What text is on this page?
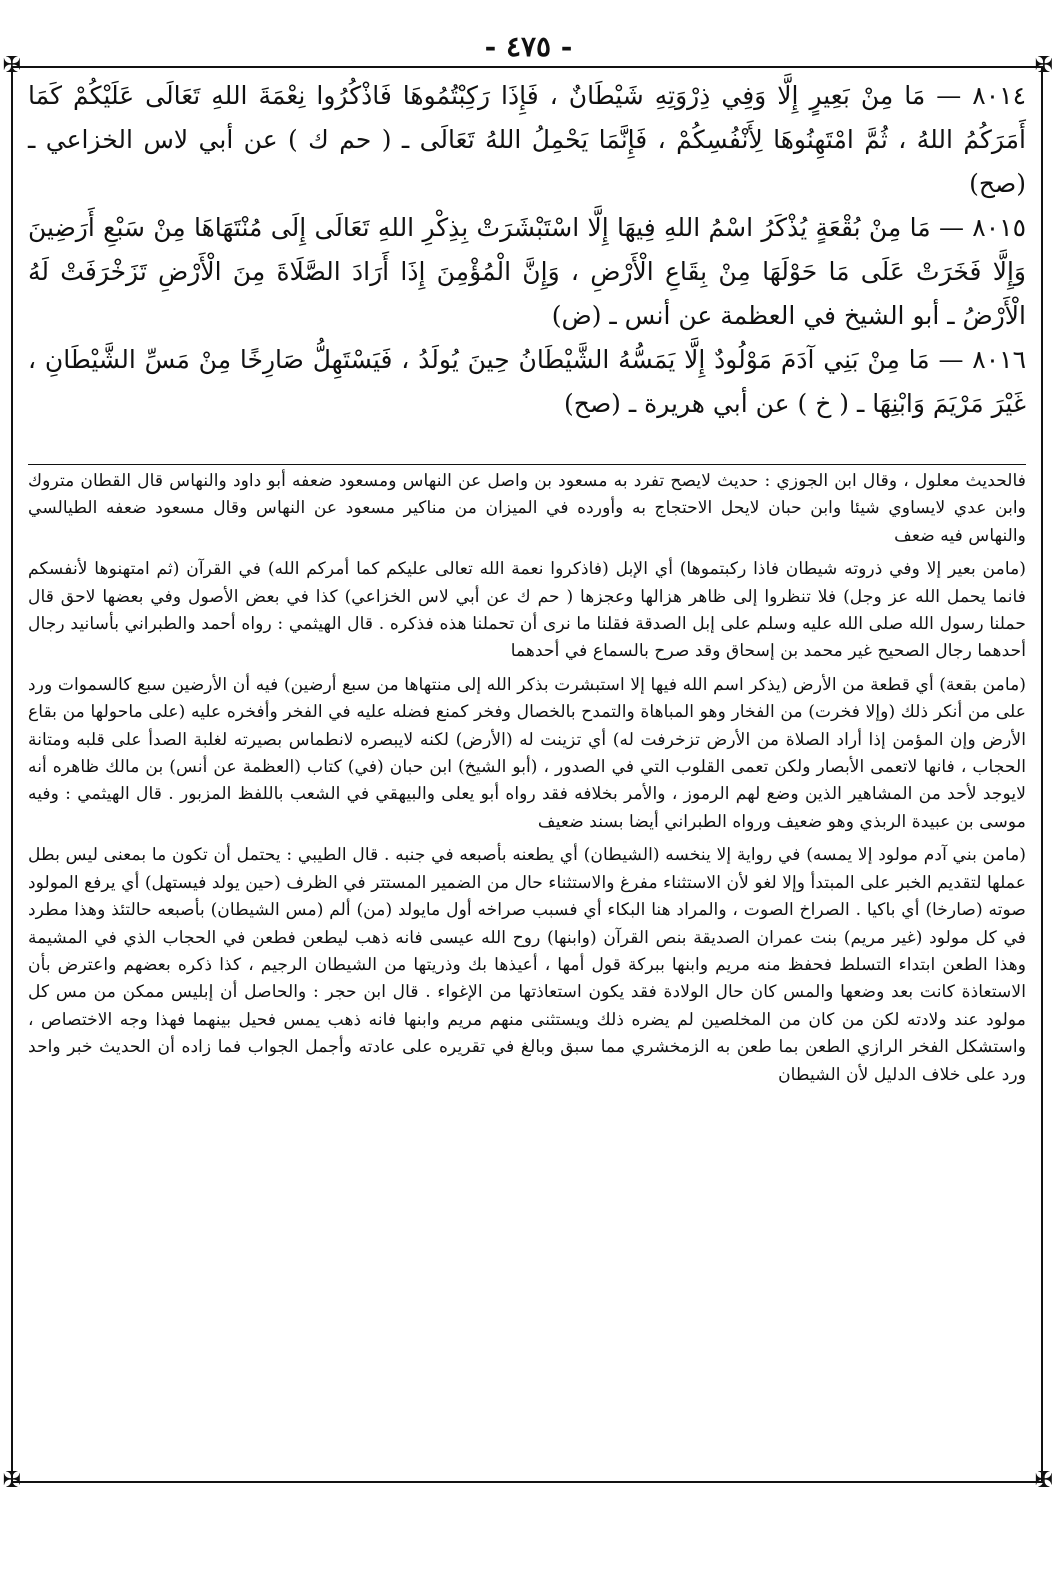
- ٤٧٥ -
✠	✠
✠	✠

٨٠١٤ — مَا مِنْ بَعِيرٍ إِلَّا وَفِي ذِرْوَتِهِ شَيْطَانٌ ، فَإِذَا رَكِبْتُمُوهَا فَاذْكُرُوا نِعْمَةَ اللهِ تَعَالَى عَلَيْكُمْ كَمَا أَمَرَكُمُ اللهُ ، ثُمَّ امْتَهِنُوهَا لِأَنْفُسِكُمْ ، فَإِنَّمَا يَحْمِلُ اللهُ تَعَالَى ـ ( حم ك ) عن أبي لاس الخزاعي ـ (صح)

٨٠١٥ — مَا مِنْ بُقْعَةٍ يُذْكَرُ اسْمُ اللهِ فِيهَا إِلَّا اسْتَبْشَرَتْ بِذِكْرِ اللهِ تَعَالَى إِلَى مُنْتَهَاهَا مِنْ سَبْعِ أَرَضِينَ وَإِلَّا فَخَرَتْ عَلَى مَا حَوْلَهَا مِنْ بِقَاعِ الْأَرْضِ ، وَإِنَّ الْمُؤْمِنَ إِذَا أَرَادَ الصَّلَاةَ مِنَ الْأَرْضِ تَزَخْرَفَتْ لَهُ الْأَرْضُ ـ أبو الشيخ في العظمة عن أنس ـ (ض)

٨٠١٦ — مَا مِنْ بَنِي آدَمَ مَوْلُودٌ إِلَّا يَمَسُّهُ الشَّيْطَانُ حِينَ يُولَدُ ، فَيَسْتَهِلُّ صَارِخًا مِنْ مَسِّ الشَّيْطَانِ ، غَيْرَ مَرْيَمَ وَابْنِهَا ـ ( خ ) عن أبي هريرة ـ (صح)

فالحديث معلول ، وقال ابن الجوزي : حديث لايصح تفرد به مسعود بن واصل عن النهاس ومسعود ضعفه أبو داود والنهاس قال القطان متروك وابن عدي لايساوي شيئا وابن حبان لايحل الاحتجاج به وأورده في الميزان من مناكير مسعود عن النهاس وقال مسعود ضعفه الطيالسي والنهاس فيه ضعف

(مامن بعير إلا وفي ذروته شيطان فاذا ركبتموها) أي الإبل (فاذكروا نعمة الله تعالى عليكم كما أمركم الله) في القرآن (ثم امتهنوها لأنفسكم فانما يحمل الله عز وجل) فلا تنظروا إلى ظاهر هزالها وعجزها ( حم ك عن أبي لاس الخزاعي) كذا في بعض الأصول وفي بعضها لاحق قال حملنا رسول الله صلى الله عليه وسلم على إبل الصدقة فقلنا ما نرى أن تحملنا هذه فذكره . قال الهيثمي : رواه أحمد والطبراني بأسانيد رجال أحدهما رجال الصحيح غير محمد بن إسحاق وقد صرح بالسماع في أحدهما

(مامن بقعة) أي قطعة من الأرض (يذكر اسم الله فيها إلا استبشرت بذكر الله إلى منتهاها من سبع أرضين) فيه أن الأرضين سبع كالسموات ورد على من أنكر ذلك (وإلا فخرت) من الفخار وهو المباهاة والتمدح بالخصال وفخر كمنع فضله عليه في الفخر وأفخره عليه (على ماحولها من بقاع الأرض وإن المؤمن إذا أراد الصلاة من الأرض تزخرفت له) أي تزينت له (الأرض) لكنه لايبصره لانطماس بصيرته لغلبة الصدأ على قلبه ومتانة الحجاب ، فانها لاتعمى الأبصار ولكن تعمى القلوب التي في الصدور ، (أبو الشيخ) ابن حبان (في) كتاب (العظمة عن أنس) بن مالك ظاهره أنه لايوجد لأحد من المشاهير الذين وضع لهم الرموز ، والأمر بخلافه فقد رواه أبو يعلى والبيهقي في الشعب باللفظ المزبور . قال الهيثمي : وفيه موسى بن عبيدة الربذي وهو ضعيف ورواه الطبراني أيضا بسند ضعيف

(مامن بني آدم مولود إلا يمسه) في رواية إلا ينخسه (الشيطان) أي يطعنه بأصبعه في جنبه . قال الطيبي : يحتمل أن تكون ما بمعنى ليس بطل عملها لتقديم الخبر على المبتدأ وإلا لغو لأن الاستثناء مفرغ والاستثناء حال من الضمير المستتر في الظرف (حين يولد فيستهل) أي يرفع المولود صوته (صارخا) أي باكيا . الصراخ الصوت ، والمراد هنا البكاء أي فسبب صراخه أول مايولد (من) ألم (مس الشيطان) بأصبعه حالتئذ وهذا مطرد في كل مولود (غير مريم) بنت عمران الصديقة بنص القرآن (وابنها) روح الله عيسى فانه ذهب ليطعن فطعن في الحجاب الذي في المشيمة وهذا الطعن ابتداء التسلط فحفظ منه مريم وابنها ببركة قول أمها ، أعيذها بك وذريتها من الشيطان الرجيم ، كذا ذكره بعضهم واعترض بأن الاستعاذة كانت بعد وضعها والمس كان حال الولادة فقد يكون استعاذتها من الإغواء . قال ابن حجر : والحاصل أن إبليس ممكن من مس كل مولود عند ولادته لكن من كان من المخلصين لم يضره ذلك ويستثنى منهم مريم وابنها فانه ذهب يمس فحيل بينهما فهذا وجه الاختصاص ، واستشكل الفخر الرازي الطعن بما طعن به الزمخشري مما سبق وبالغ في تقريره على عادته وأجمل الجواب فما زاده أن الحديث خبر واحد ورد على خلاف الدليل لأن الشيطان
